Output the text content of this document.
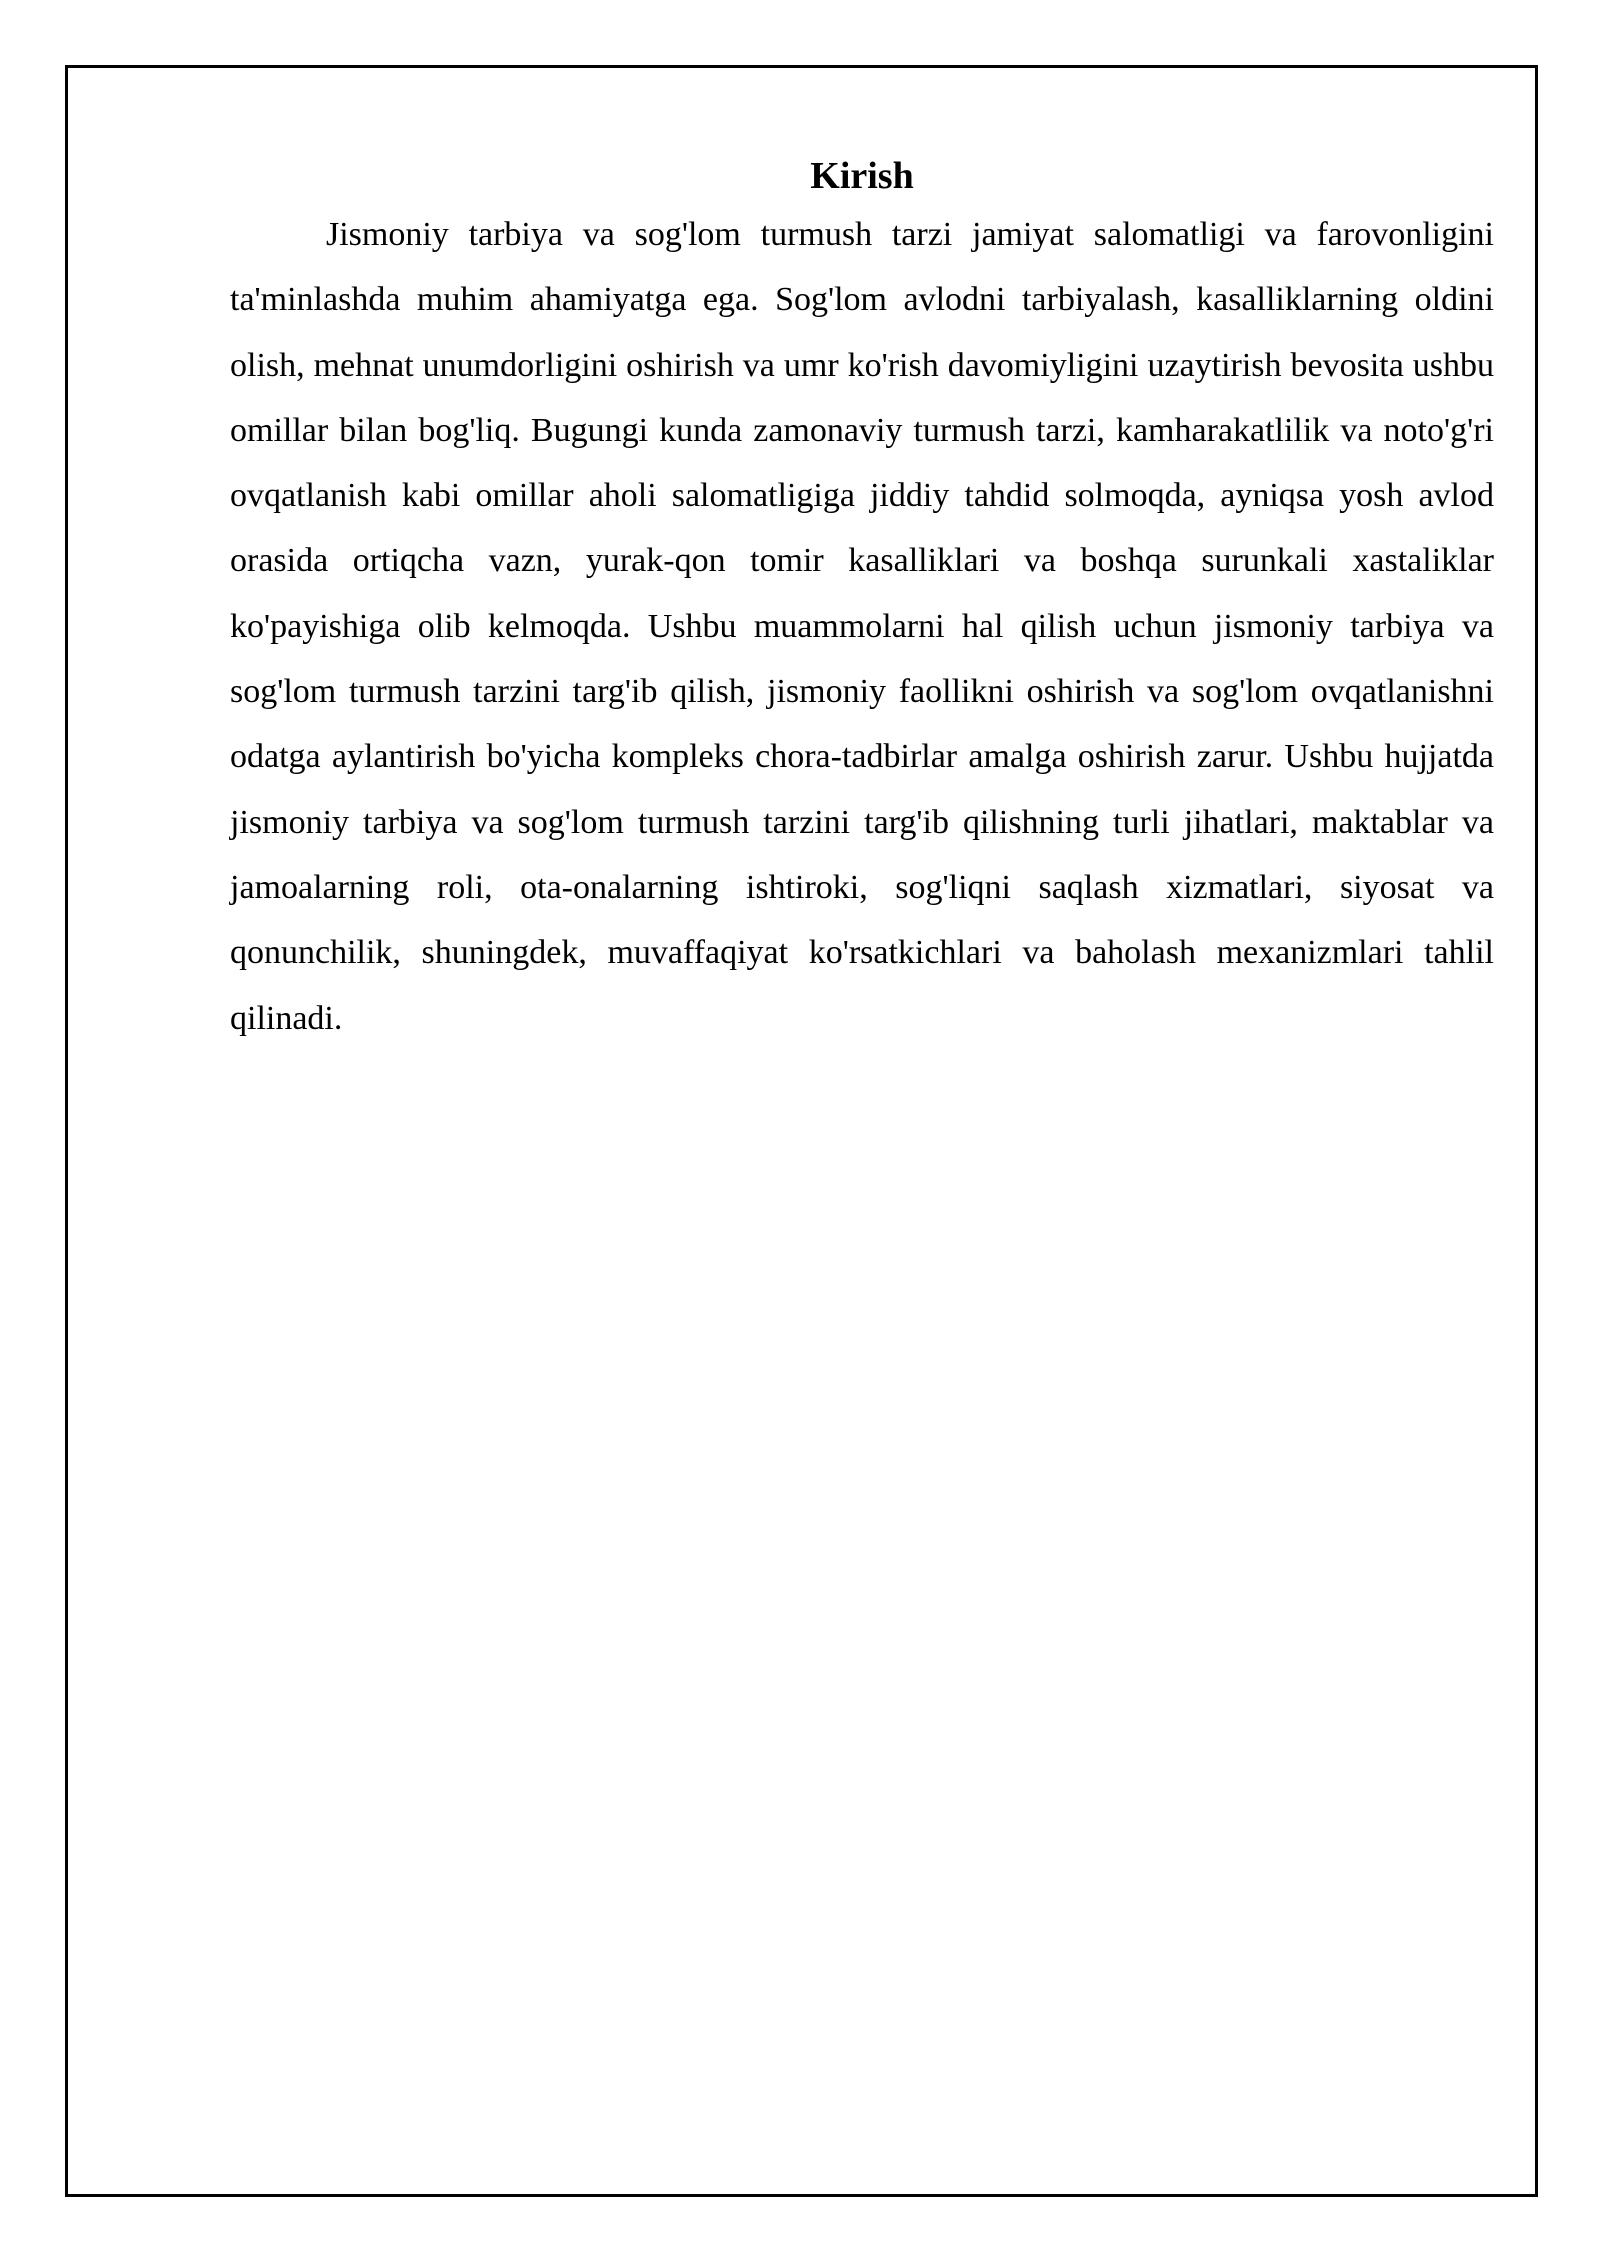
Kirish

Jismoniy tarbiya va sog'lom turmush tarzi jamiyat salomatligi va farovonligini ta'minlashda muhim ahamiyatga ega. Sog'lom avlodni tarbiyalash, kasalliklarning oldini olish, mehnat unumdorligini oshirish va umr ko'rish davomiyligini uzaytirish bevosita ushbu omillar bilan bog'liq. Bugungi kunda zamonaviy turmush tarzi, kamharakatlilik va noto'g'ri ovqatlanish kabi omillar aholi salomatligiga jiddiy tahdid solmoqda, ayniqsa yosh avlod orasida ortiqcha vazn, yurak-qon tomir kasalliklari va boshqa surunkali xastaliklar ko'payishiga olib kelmoqda. Ushbu muammolarni hal qilish uchun jismoniy tarbiya va sog'lom turmush tarzini targ'ib qilish, jismoniy faollikni oshirish va sog'lom ovqatlanishni odatga aylantirish bo'yicha kompleks chora-tadbirlar amalga oshirish zarur. Ushbu hujjatda jismoniy tarbiya va sog'lom turmush tarzini targ'ib qilishning turli jihatlari, maktablar va jamoalarning roli, ota-onalarning ishtiroki, sog'liqni saqlash xizmatlari, siyosat va qonunchilik, shuningdek, muvaffaqiyat ko'rsatkichlari va baholash mexanizmlari tahlil qilinadi.
